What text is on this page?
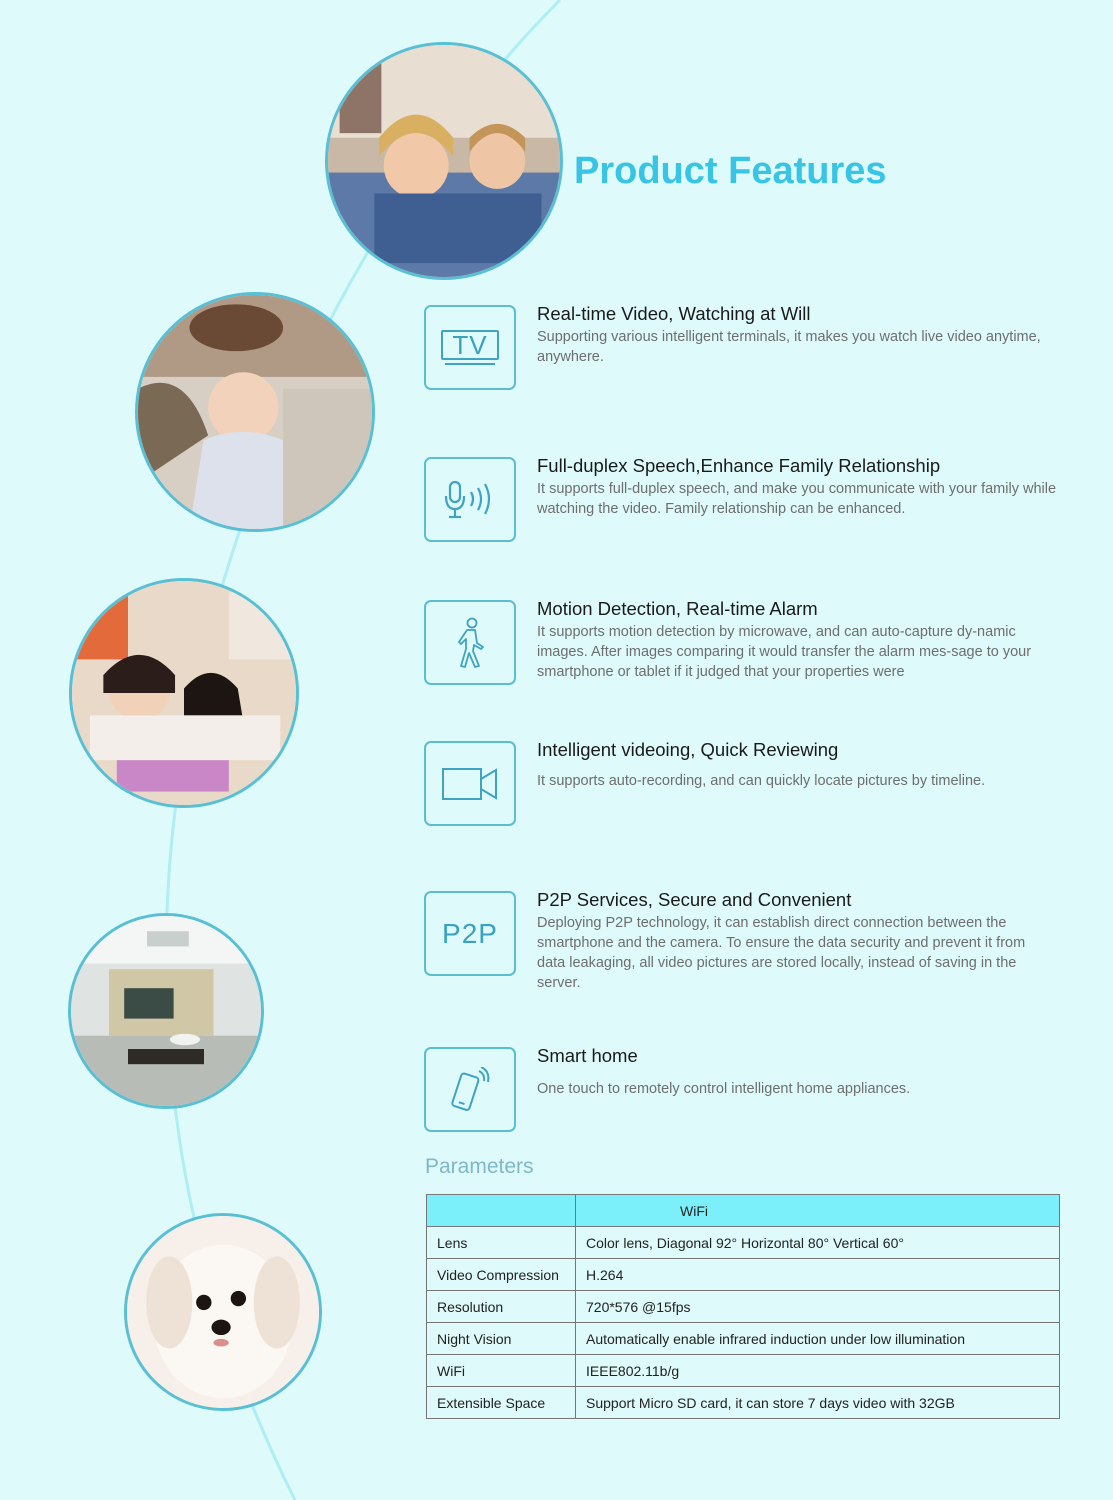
Product Features
TV
Real-time Video, Watching at Will

Supporting various intelligent terminals, it makes you watch live video anytime, anywhere.

Full-duplex Speech,Enhance Family Relationship

It supports full-duplex speech, and make you communicate with your family while watching the video. Family relationship can be enhanced.

Motion Detection, Real-time Alarm

It supports motion detection by microwave, and can auto-capture dy-namic images. After images comparing it would transfer the alarm mes-sage to your smartphone or tablet if it judged that your properties were

Intelligent videoing, Quick Reviewing

It supports auto-recording, and can quickly locate pictures by timeline.

P2P
P2P Services, Secure and Convenient

Deploying P2P technology, it can establish direct connection between the smartphone and the camera. To ensure the data security and prevent it from data leakaging, all video pictures are stored locally, instead of saving in the server.

Smart home

One touch to remotely control intelligent home appliances.

Parameters
	WiFi
Lens	Color lens, Diagonal 92° Horizontal 80° Vertical 60°
Video Compression	H.264
Resolution	720*576 @15fps
Night Vision	Automatically enable infrared induction under low illumination
WiFi	IEEE802.11b/g
Extensible Space	Support Micro SD card, it can store 7 days video with 32GB
